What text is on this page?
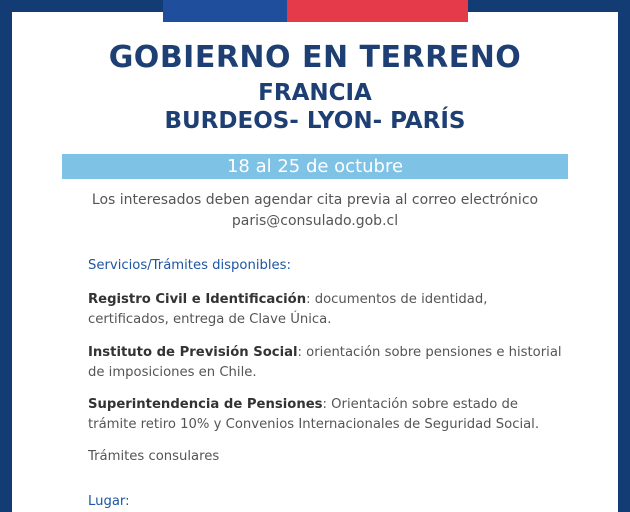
GOBIERNO EN TERRENO
FRANCIA
BURDEOS- LYON- PARÍS
18 al 25 de octubre
Los interesados deben agendar cita previa al correo electrónico
paris@consulado.gob.cl
Servicios/Trámites disponibles:
Registro Civil e Identificación: documentos de identidad, certificados, entrega de Clave Única.
Instituto de Previsión Social: orientación sobre pensiones e historial de imposiciones en Chile.
Superintendencia de Pensiones: Orientación sobre estado de trámite retiro 10% y Convenios Internacionales de Seguridad Social.
Trámites consulares
Lugar:
